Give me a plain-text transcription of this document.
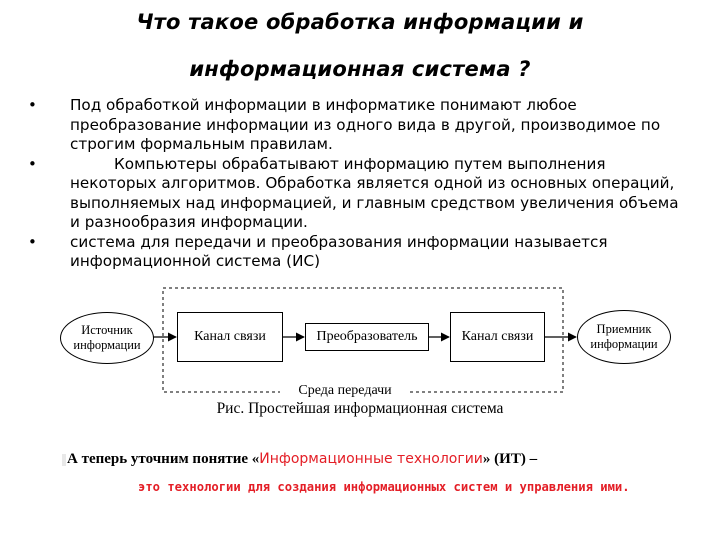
Что такое обработка информации и
информационная система ?
• Под обработкой информации в информатике понимают любое преобразование информации из одного вида в другой, производимое по строгим формальным правилам.
•	Компьютеры обрабатывают информацию путем выполнения некоторых алгоритмов. Обработка является одной из основных операций, выполняемых над информацией, и главным средством увеличения объема и разнообразия информации.
• система для передачи и преобразования информации называется информационной система (ИС)
Источник информации
Канал связи	Преобразователь	Канал связи	Приемник информации
Среда передачи
Рис. Простейшая информационная система
А теперь уточним понятие «Информационные технологии» (ИТ) –
это технологии для создания информационных систем и управления ими.
